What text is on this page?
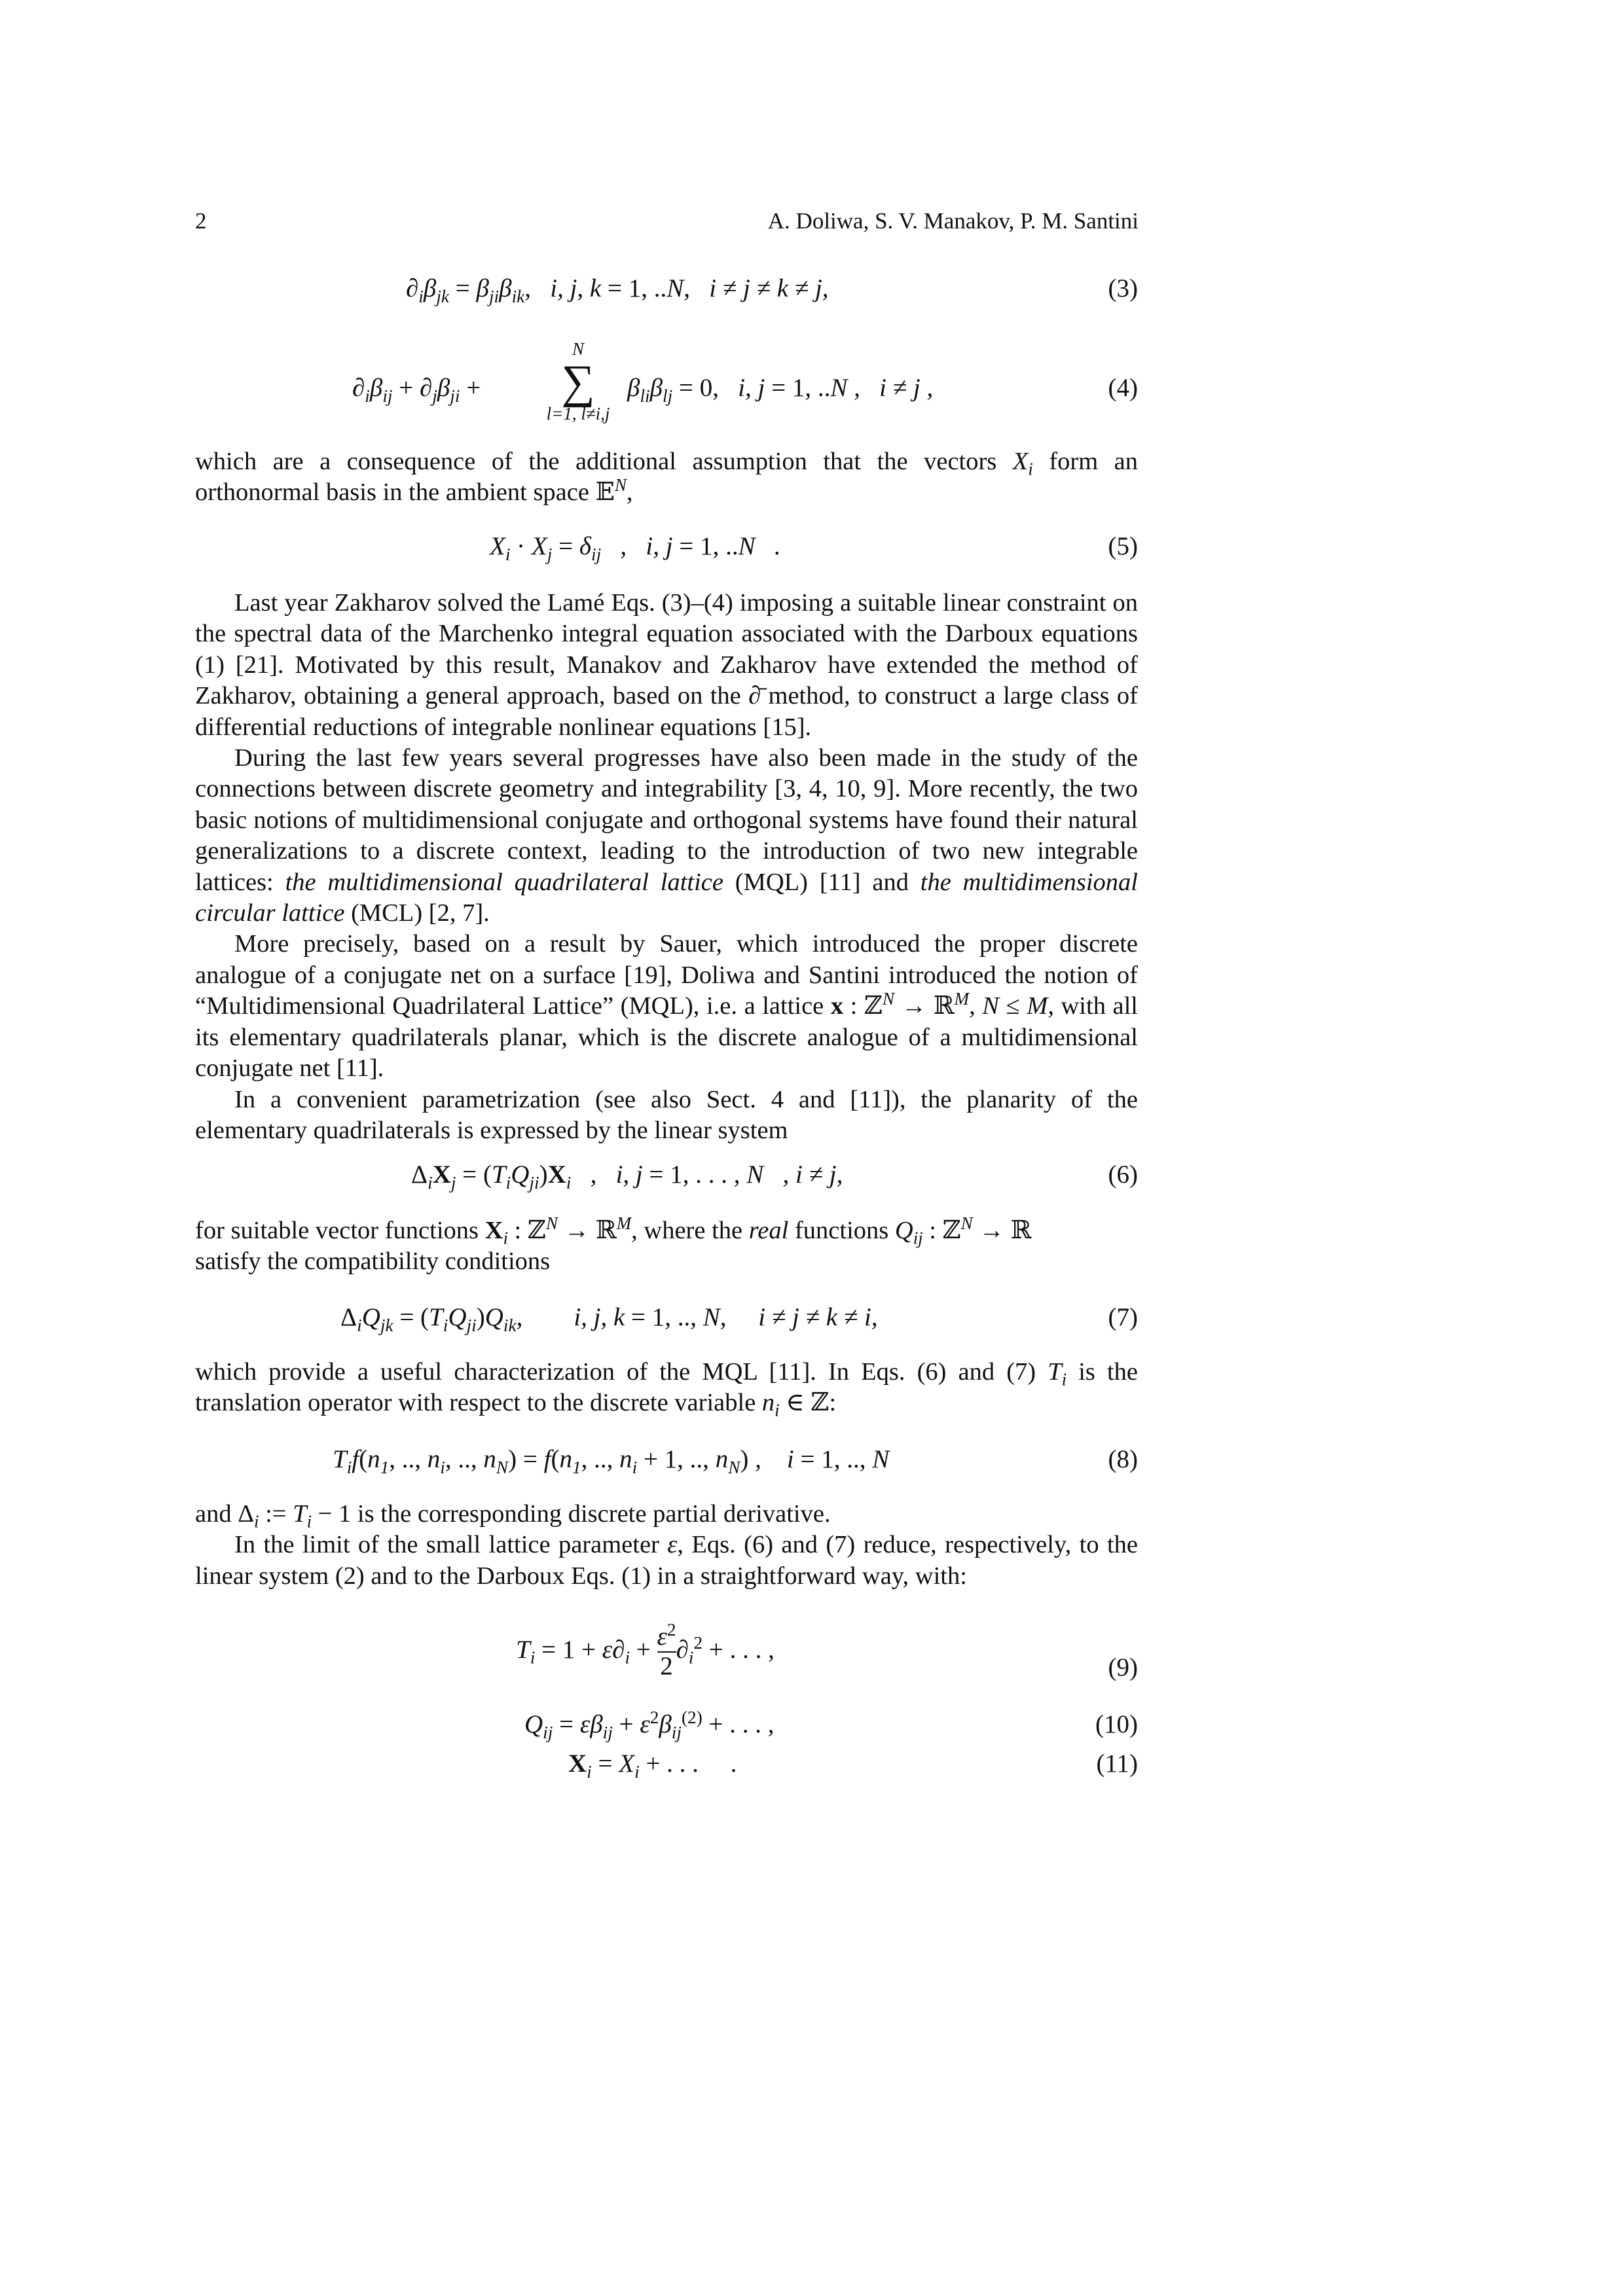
2	A. Doliwa, S. V. Manakov, P. M. Santini
$\partial_i\beta_{jk} = \beta_{ji}\beta_{ik}$,   i, j, k = 1, ..N,   i ≠ j ≠ k ≠ j,	(3)
$\partial_i\beta_{ij} + \partial_j\beta_{ji}$ +
N
∑
l=1, l≠i,j
$\beta_{li}\beta_{lj} = 0$,   i, j = 1, ..N ,   i ≠ j ,	(4)

which are a consequence of the additional assumption that the vectors $X_i$ form an orthonormal basis in the ambient space 𝔼$^N$,

$X_i \cdot X_j = \delta_{ij}$   ,   i, j = 1, ..N   .	(5)

Last year Zakharov solved the Lamé Eqs. (3)–(4) imposing a suitable linear constraint on the spectral data of the Marchenko integral equation associated with the Darboux equations (1) [21]. Motivated by this result, Manakov and Zakharov have extended the method of Zakharov, obtaining a general approach, based on the ∂̄ method, to construct a large class of differential reductions of integrable nonlinear equations [15].

During the last few years several progresses have also been made in the study of the connections between discrete geometry and integrability [3, 4, 10, 9]. More recently, the two basic notions of multidimensional conjugate and orthogonal systems have found their natural generalizations to a discrete context, leading to the introduction of two new integrable lattices: the multidimensional quadrilateral lattice (MQL) [11] and the multidimensional circular lattice (MCL) [2, 7].

More precisely, based on a result by Sauer, which introduced the proper discrete analogue of a conjugate net on a surface [19], Doliwa and Santini introduced the notion of “Multidimensional Quadrilateral Lattice” (MQL), i.e. a lattice x : ℤ$^N$ → ℝ$^M$, N ≤ M, with all its elementary quadrilaterals planar, which is the discrete analogue of a multidimensional conjugate net [11].

In a convenient parametrization (see also Sect. 4 and [11]), the planarity of the elementary quadrilaterals is expressed by the linear system

$\Delta_iX_j = (T_iQ_{ji})X_i$   ,   i, j = 1, . . . , N   , i ≠ j,	(6)

for suitable vector functions $X_i$ : ℤ$^N$ → ℝ$^M$, where the real functions $Q_{ij}$ : ℤ$^N$ → ℝ
satisfy the compatibility conditions

$\Delta_iQ_{jk} = (T_iQ_{ji})Q_{ik}$,        i, j, k = 1, .., N,     i ≠ j ≠ k ≠ i,	(7)

which provide a useful characterization of the MQL [11]. In Eqs. (6) and (7) $T_i$ is the translation operator with respect to the discrete variable $n_i$ ∈ ℤ:

$T_if(n_1$, .., $n_i$, .., $n_N) = f(n_1$, .., $n_i + 1$, .., $n_N$) ,    i = 1, .., N	(8)

and $\Delta_i$ := $T_i - 1$ is the corresponding discrete partial derivative.

In the limit of the small lattice parameter ε, Eqs. (6) and (7) reduce, respectively, to the linear system (2) and to the Darboux Eqs. (1) in a straightforward way, with:

$T_i = 1 + \varepsilon\partial_i + \frac{\varepsilon^2}{2} \partial_i^2$ + . . . ,
(9)
$Q_{ij} = \varepsilon\beta_{ij} + \varepsilon^2\beta_{ij}^{(2)}$ + . . . ,	(10)
$X_i = X_i$ + . . .     .	(11)
